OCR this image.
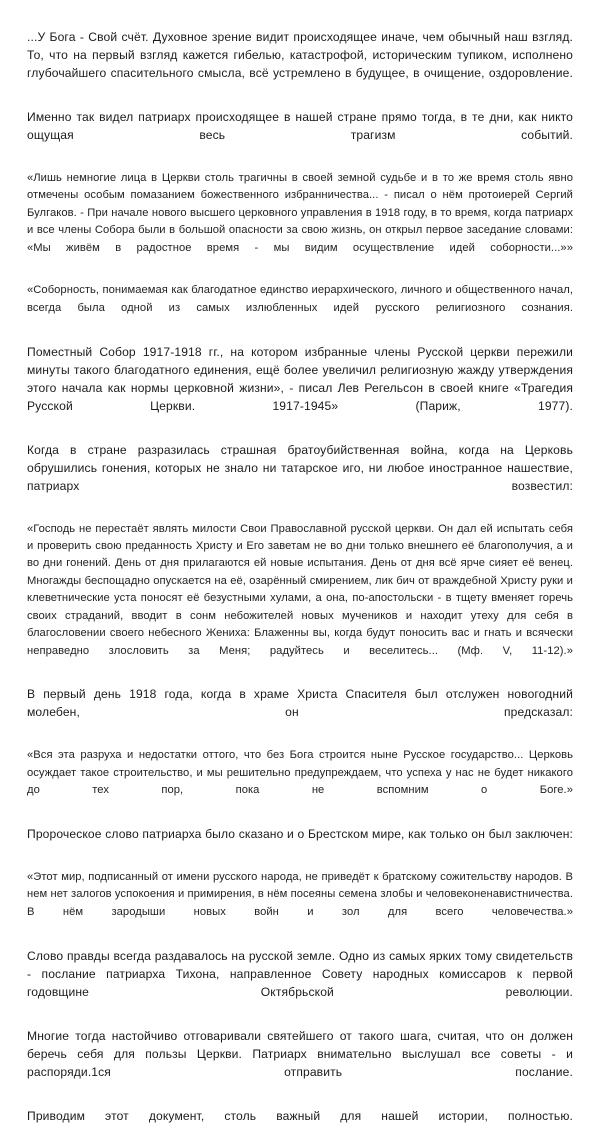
...У Бога - Свой счёт. Духовное зрение видит происходящее иначе, чем обычный наш взгляд. То, что на первый взгляд кажется гибелью, катастрофой, историческим тупиком, исполнено глубочайшего спасительного смысла, всё устремлено в будущее, в очищение, оздоровление.

Именно так видел патриарх происходящее в нашей стране прямо тогда, в те дни, как никто ощущая весь трагизм событий.

«Лишь немногие лица в Церкви столь трагичны в своей земной судьбе и в то же время столь явно отмечены особым помазанием божественного избранничества... - писал о нём протоиерей Сергий Булгаков. - При начале нового высшего церковного управления в 1918 году, в то время, когда патриарх и все члены Собора были в большой опасности за свою жизнь, он открыл первое заседание словами: «Мы живём в радостное время - мы видим осуществление идей соборности...»»

«Соборность, понимаемая как благодатное единство иерархического, личного и общественного начал, всегда была одной из самых излюбленных идей русского религиозного сознания.

Поместный Собор 1917-1918 гг., на котором избранные члены Русской церкви пережили минуты такого благодатного единения, ещё более увеличил религиозную жажду утверждения этого начала как нормы церковной жизни», - писал Лев Регельсон в своей книге «Трагедия Русской Церкви. 1917-1945» (Париж, 1977).

Когда в стране разразилась страшная братоубийственная война, когда на Церковь обрушились гонения, которых не знало ни татарское иго, ни любое иностранное нашествие, патриарх возвестил:

«Господь не перестаёт являть милости Свои Православной русской церкви. Он дал ей испытать себя и проверить свою преданность Христу и Его заветам не во дни только внешнего её благополучия, а и во дни гонений. День от дня прилагаются ей новые испытания. День от дня всё ярче сияет её венец. Многажды беспощадно опускается на её, озарённый смирением, лик бич от враждебной Христу руки и клеветнические уста поносят её безустными хулами, а она, по-апостольски - в тщету вменяет горечь своих страданий, вводит в сонм небожителей новых мучеников и находит утеху для себя в благословении своего небесного Жениха: Блаженны вы, когда будут поносить вас и гнать и всячески неправедно злословить за Меня; радуйтесь и веселитесь... (Мф. V, 11-12).»

В первый день 1918 года, когда в храме Христа Спасителя был отслужен новогодний молебен, он предсказал:

«Вся эта разруха и недостатки оттого, что без Бога строится ныне Русское государство... Церковь осуждает такое строительство, и мы решительно предупреждаем, что успеха у нас не будет никакого до тех пор, пока не вспомним о Боге.»

Пророческое слово патриарха было сказано и о Брестском мире, как только он был заключен:

«Этот мир, подписанный от имени русского народа, не приведёт к братскому сожительству народов. В нем нет залогов успокоения и примирения, в нём посеяны семена злобы и человеконенавистничества. В нём зародыши новых войн и зол для всего человечества.»

Слово правды всегда раздавалось на русской земле. Одно из самых ярких тому свидетельств - послание патриарха Тихона, направленное Совету народных комиссаров к первой годовщине Октябрьской революции.

Многие тогда настойчиво отговаривали святейшего от такого шага, считая, что он должен беречь себя для пользы Церкви. Патриарх внимательно выслушал все советы - и распоряди.1ся отправить послание.

Приводим этот документ, столь важный для нашей истории, полностью.
